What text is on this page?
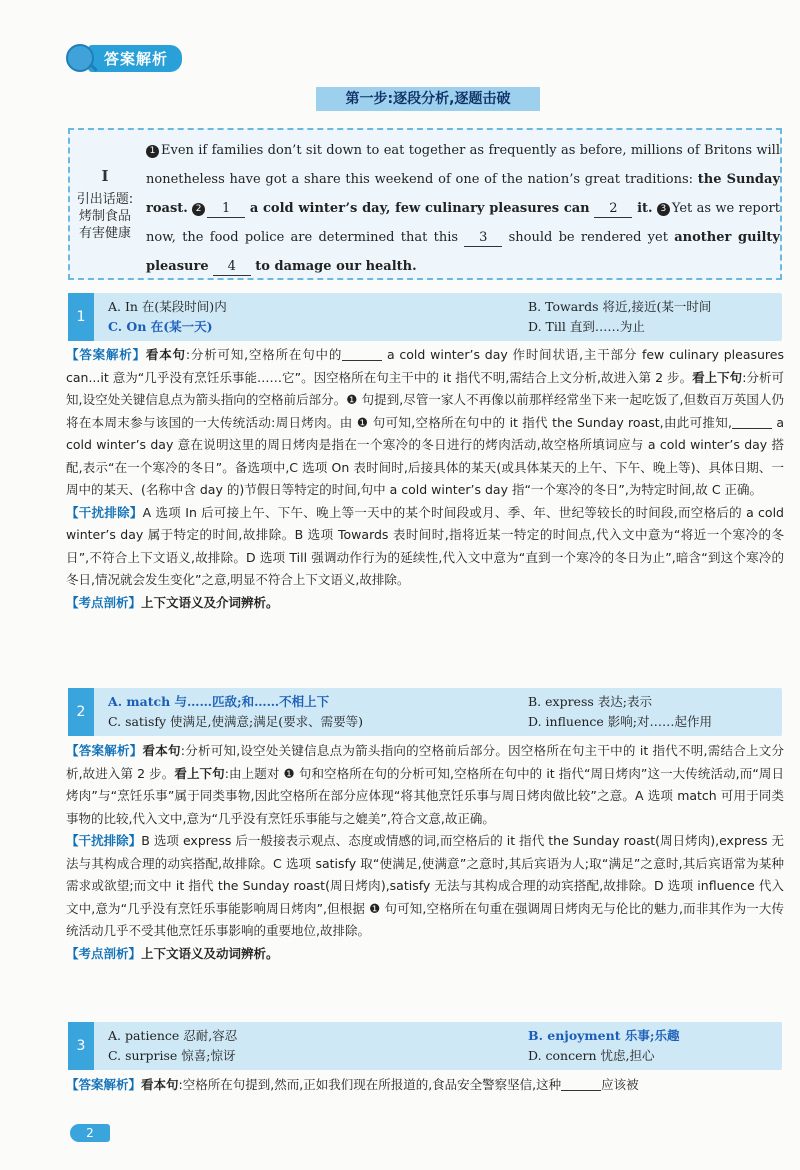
答案解析
第一步:逐段分析,逐题击破
I
引出话题:
烤制食品
有害健康
1 Even if families don’t sit down to eat together as frequently as before, millions of Britons will nonetheless have got a share this weekend of one of the nation’s great traditions: the Sunday roast. 2 1 a cold winter’s day, few culinary pleasures can 2 it. 3 Yet as we report now, the food police are determined that this 3 should be rendered yet another guilty pleasure 4 to damage our health.
1
A. In 在(某段时间)内	B. Towards 将近,接近(某一时间
C. On 在(某一天)	D. Till 直到……为止

【答案解析】看本句:分析可知,空格所在句中的	a cold winter’s day 作时间状语,主干部分 few culinary pleasures can...it 意为“几乎没有烹饪乐事能……它”。因空格所在句主干中的 it 指代不明,需结合上文分析,故进入第 2 步。看上下句:分析可知,设空处关键信息点为箭头指向的空格前后部分。❶ 句提到,尽管一家人不再像以前那样经常坐下来一起吃饭了,但数百万英国人仍将在本周末参与该国的一大传统活动:周日烤肉。由 ❶ 句可知,空格所在句中的 it 指代 the Sunday roast,由此可推知,	a cold winter’s day 意在说明这里的周日烤肉是指在一个寒冷的冬日进行的烤肉活动,故空格所填词应与 a cold winter’s day 搭配,表示“在一个寒冷的冬日”。备选项中,C 选项 On 表时间时,后接具体的某天(或具体某天的上午、下午、晚上等)、具体日期、一周中的某天、(名称中含 day 的)节假日等特定的时间,句中 a cold winter’s day 指“一个寒冷的冬日”,为特定时间,故 C 正确。

【干扰排除】A 选项 In 后可接上午、下午、晚上等一天中的某个时间段或月、季、年、世纪等较长的时间段,而空格后的 a cold winter’s day 属于特定的时间,故排除。B 选项 Towards 表时间时,指将近某一特定的时间点,代入文中意为“将近一个寒冷的冬日”,不符合上下文语义,故排除。D 选项 Till 强调动作行为的延续性,代入文中意为“直到一个寒冷的冬日为止”,暗含“到这个寒冷的冬日,情况就会发生变化”之意,明显不符合上下文语义,故排除。

【考点剖析】上下文语义及介词辨析。

2
A. match 与……匹敌;和……不相上下	B. express 表达;表示
C. satisfy 使满足,使满意;满足(要求、需要等)	D. influence 影响;对……起作用

【答案解析】看本句:分析可知,设空处关键信息点为箭头指向的空格前后部分。因空格所在句主干中的 it 指代不明,需结合上文分析,故进入第 2 步。看上下句:由上题对 ❶ 句和空格所在句的分析可知,空格所在句中的 it 指代“周日烤肉”这一大传统活动,而“周日烤肉”与“烹饪乐事”属于同类事物,因此空格所在部分应体现“将其他烹饪乐事与周日烤肉做比较”之意。A 选项 match 可用于同类事物的比较,代入文中,意为“几乎没有烹饪乐事能与之媲美”,符合文意,故正确。

【干扰排除】B 选项 express 后一般接表示观点、态度或情感的词,而空格后的 it 指代 the Sunday roast(周日烤肉),express 无法与其构成合理的动宾搭配,故排除。C 选项 satisfy 取“使满足,使满意”之意时,其后宾语为人;取“满足”之意时,其后宾语常为某种需求或欲望;而文中 it 指代 the Sunday roast(周日烤肉),satisfy 无法与其构成合理的动宾搭配,故排除。D 选项 influence 代入文中,意为“几乎没有烹饪乐事能影响周日烤肉”,但根据 ❶ 句可知,空格所在句重在强调周日烤肉无与伦比的魅力,而非其作为一大传统活动几乎不受其他烹饪乐事影响的重要地位,故排除。

【考点剖析】上下文语义及动词辨析。

3
A. patience 忍耐,容忍	B. enjoyment 乐事;乐趣
C. surprise 惊喜;惊讶	D. concern 忧虑,担心

【答案解析】看本句:空格所在句提到,然而,正如我们现在所报道的,食品安全警察坚信,这种	应该被

2
